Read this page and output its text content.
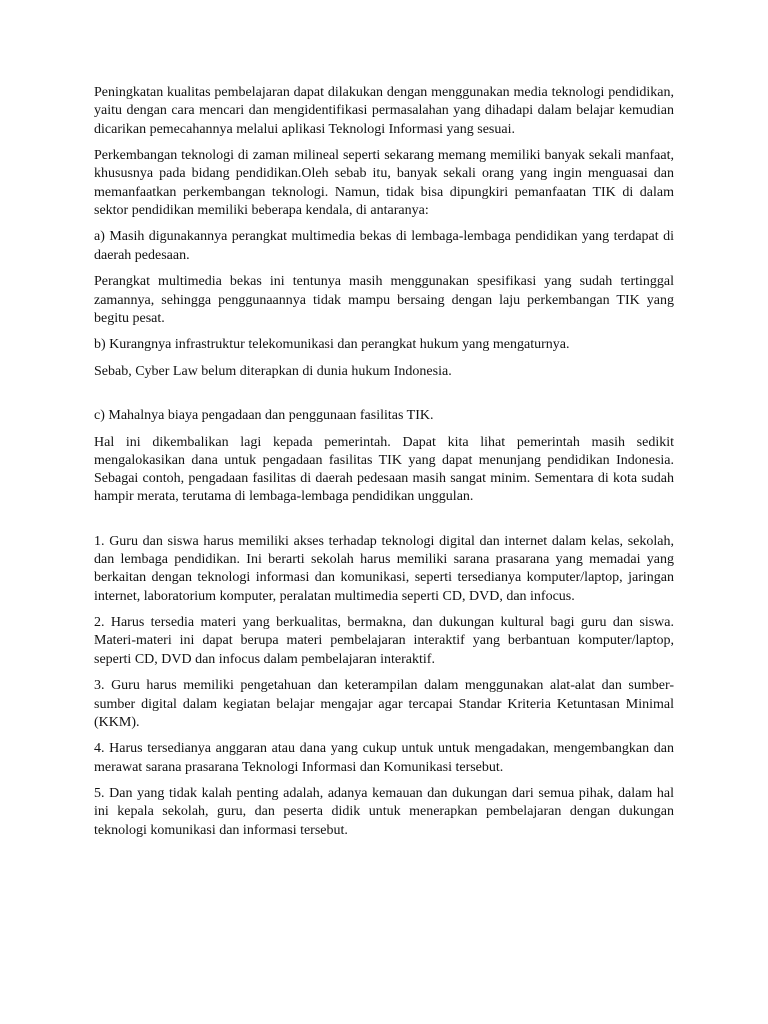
Peningkatan kualitas pembelajaran dapat dilakukan dengan menggunakan media teknologi pendidikan, yaitu dengan cara mencari dan mengidentifikasi permasalahan yang dihadapi dalam belajar kemudian dicarikan pemecahannya melalui aplikasi Teknologi Informasi yang sesuai.

Perkembangan teknologi di zaman milineal seperti sekarang memang memiliki banyak sekali manfaat, khususnya pada bidang pendidikan.Oleh sebab itu, banyak sekali orang yang ingin menguasai dan memanfaatkan perkembangan teknologi. Namun, tidak bisa dipungkiri pemanfaatan TIK di dalam sektor pendidikan memiliki beberapa kendala, di antaranya:

a) Masih digunakannya perangkat multimedia bekas di lembaga-lembaga pendidikan yang terdapat di daerah pedesaan.

Perangkat multimedia bekas ini tentunya masih menggunakan spesifikasi yang sudah tertinggal zamannya, sehingga penggunaannya tidak mampu bersaing dengan laju perkembangan TIK yang begitu pesat.

b) Kurangnya infrastruktur telekomunikasi dan perangkat hukum yang mengaturnya.

Sebab, Cyber Law belum diterapkan di dunia hukum Indonesia.

c) Mahalnya biaya pengadaan dan penggunaan fasilitas TIK.

Hal ini dikembalikan lagi kepada pemerintah. Dapat kita lihat pemerintah masih sedikit mengalokasikan dana untuk pengadaan fasilitas TIK yang dapat menunjang pendidikan Indonesia. Sebagai contoh, pengadaan fasilitas di daerah pedesaan masih sangat minim. Sementara di kota sudah hampir merata, terutama di lembaga-lembaga pendidikan unggulan.

1. Guru dan siswa harus memiliki akses terhadap teknologi digital dan internet dalam kelas, sekolah, dan lembaga pendidikan. Ini berarti sekolah harus memiliki sarana prasarana yang memadai yang berkaitan dengan teknologi informasi dan komunikasi, seperti tersedianya komputer/laptop, jaringan internet, laboratorium komputer, peralatan multimedia seperti CD, DVD, dan infocus.

2. Harus tersedia materi yang berkualitas, bermakna, dan dukungan kultural bagi guru dan siswa. Materi-materi ini dapat berupa materi pembelajaran interaktif yang berbantuan komputer/laptop, seperti CD, DVD dan infocus dalam pembelajaran interaktif.

3. Guru harus memiliki pengetahuan dan keterampilan dalam menggunakan alat-alat dan sumber-sumber digital dalam kegiatan belajar mengajar agar tercapai Standar Kriteria Ketuntasan Minimal (KKM).

4. Harus tersedianya anggaran atau dana yang cukup untuk untuk mengadakan, mengembangkan dan merawat sarana prasarana Teknologi Informasi dan Komunikasi tersebut.

5. Dan yang tidak kalah penting adalah, adanya kemauan dan dukungan dari semua pihak, dalam hal ini kepala sekolah, guru, dan peserta didik untuk menerapkan pembelajaran dengan dukungan teknologi komunikasi dan informasi tersebut.
